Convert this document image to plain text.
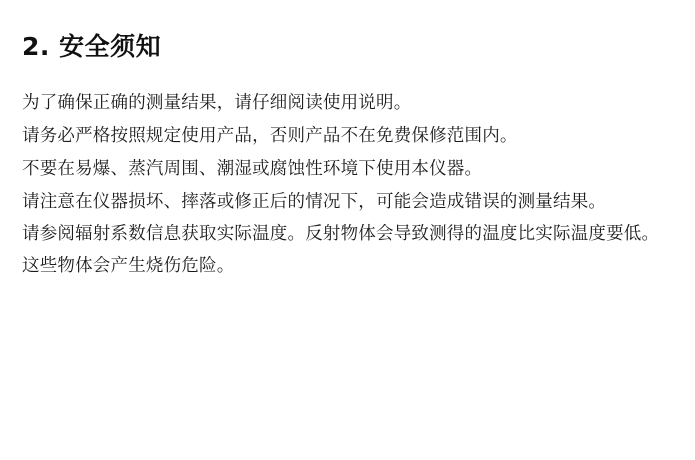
2. 安全须知

为了确保正确的测量结果，请仔细阅读使用说明。

请务必严格按照规定使用产品，否则产品不在免费保修范围内。

不要在易爆、蒸汽周围、潮湿或腐蚀性环境下使用本仪器。

请注意在仪器损坏、摔落或修正后的情况下，可能会造成错误的测量结果。

请参阅辐射系数信息获取实际温度。反射物体会导致测得的温度比实际温度要低。这些物体会产生烧伤危险。
